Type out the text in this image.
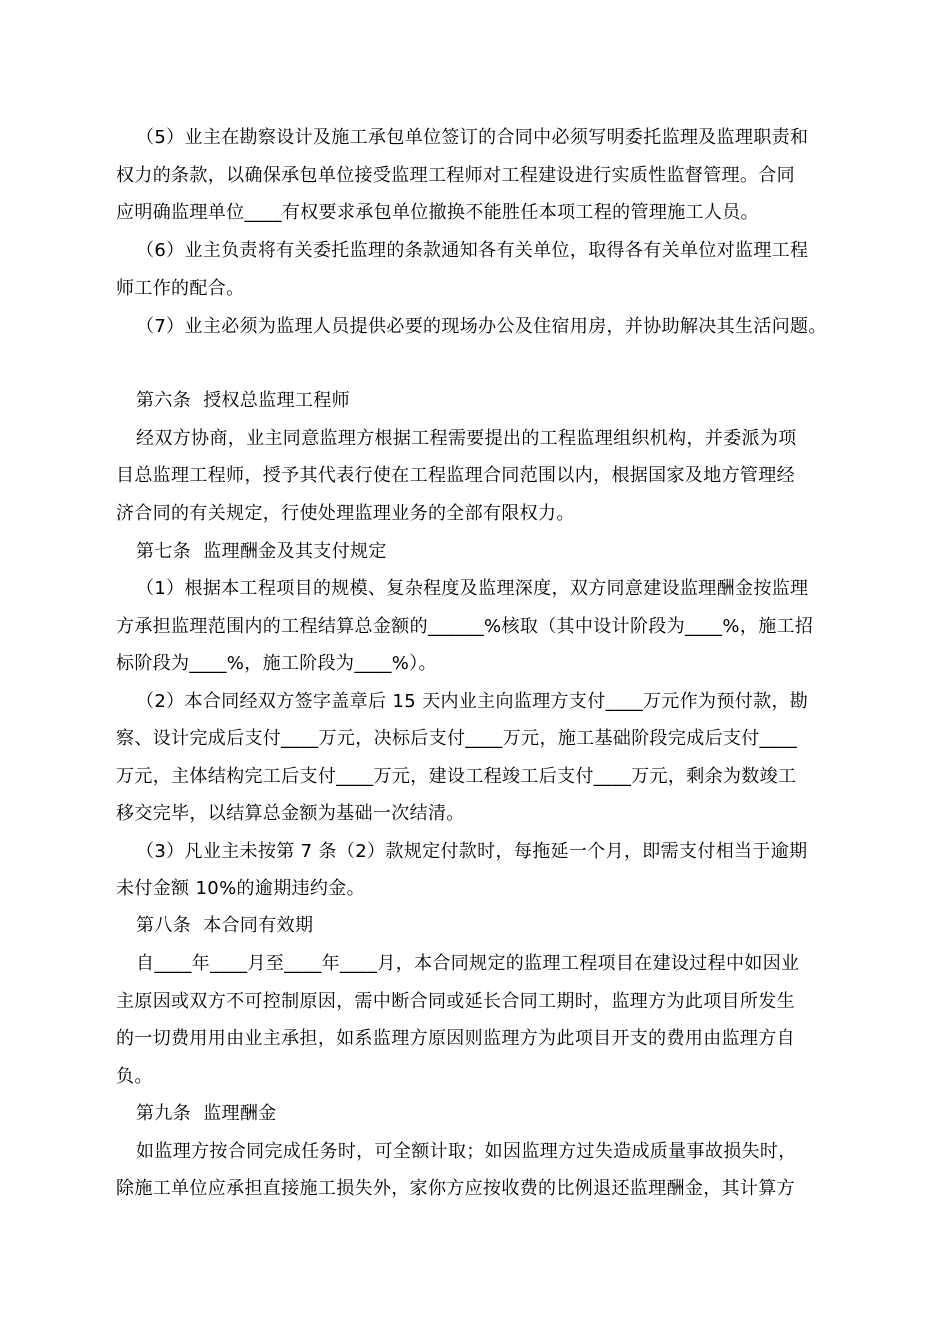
（5）业主在勘察设计及施工承包单位签订的合同中必须写明委托监理及监理职责和
权力的条款，以确保承包单位接受监理工程师对工程建设进行实质性监督管理。合同
应明确监理单位____有权要求承包单位撤换不能胜任本项工程的管理施工人员。
（6）业主负责将有关委托监理的条款通知各有关单位，取得各有关单位对监理工程
师工作的配合。
（7）业主必须为监理人员提供必要的现场办公及住宿用房，并协助解决其生活问题。
第六条  授权总监理工程师
经双方协商，业主同意监理方根据工程需要提出的工程监理组织机构，并委派为项
目总监理工程师，授予其代表行使在工程监理合同范围以内，根据国家及地方管理经
济合同的有关规定，行使处理监理业务的全部有限权力。
第七条  监理酬金及其支付规定
（1）根据本工程项目的规模、复杂程度及监理深度，双方同意建设监理酬金按监理
方承担监理范围内的工程结算总金额的______%核取（其中设计阶段为____%，施工招
标阶段为____%，施工阶段为____%）。
（2）本合同经双方签字盖章后 15 天内业主向监理方支付____万元作为预付款，勘
察、设计完成后支付____万元，决标后支付____万元，施工基础阶段完成后支付____
万元，主体结构完工后支付____万元，建设工程竣工后支付____万元，剩余为数竣工
移交完毕，以结算总金额为基础一次结清。
（3）凡业主未按第 7 条（2）款规定付款时，每拖延一个月，即需支付相当于逾期
未付金额 10%的逾期违约金。
第八条  本合同有效期
自____年____月至____年____月，本合同规定的监理工程项目在建设过程中如因业
主原因或双方不可控制原因，需中断合同或延长合同工期时，监理方为此项目所发生
的一切费用用由业主承担，如系监理方原因则监理方为此项目开支的费用由监理方自
负。
第九条  监理酬金
如监理方按合同完成任务时，可全额计取；如因监理方过失造成质量事故损失时，
除施工单位应承担直接施工损失外，家你方应按收费的比例退还监理酬金，其计算方
